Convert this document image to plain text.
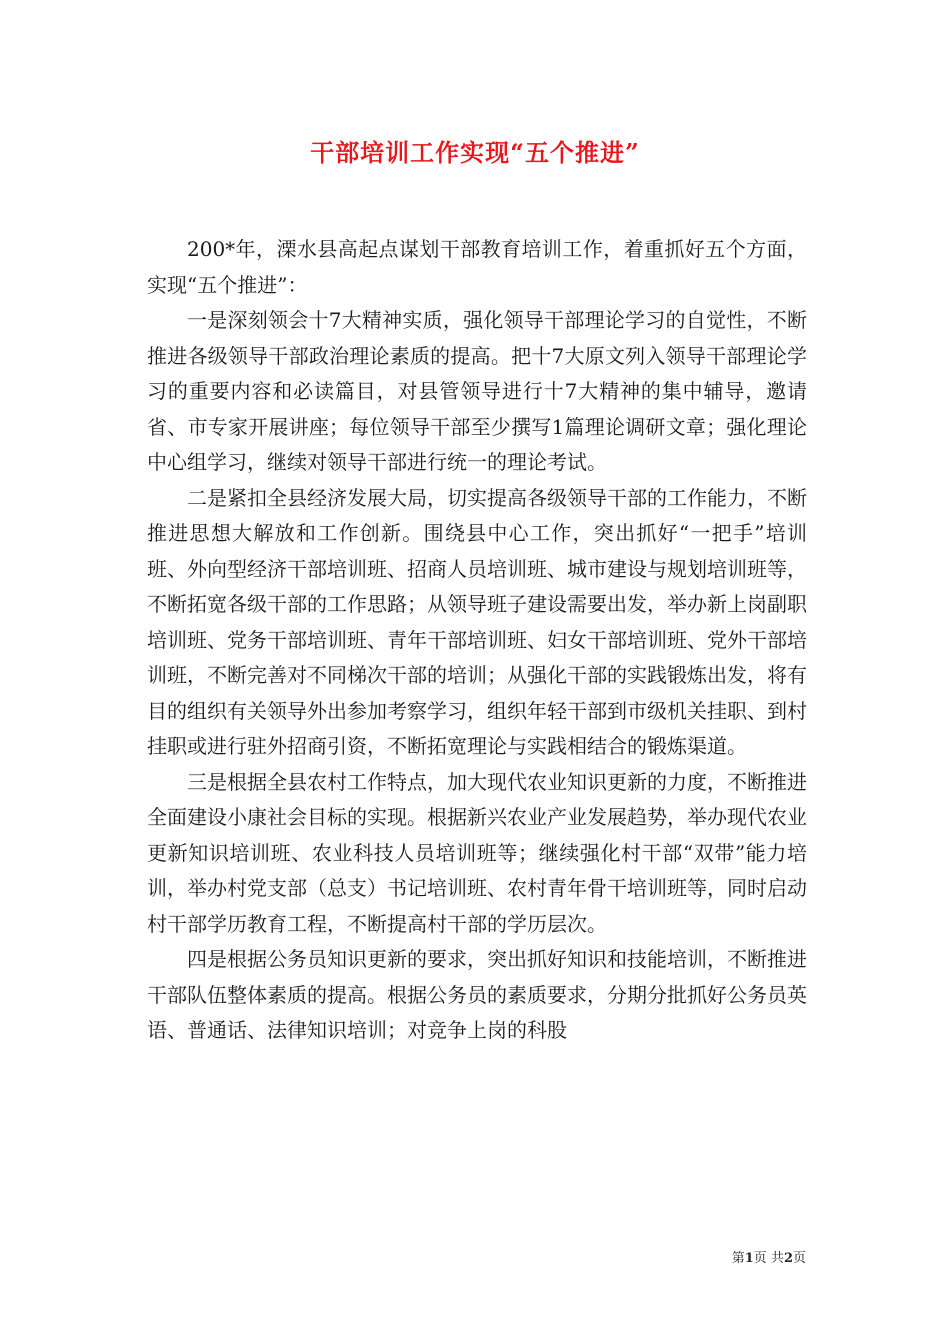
干部培训工作实现“五个推进”

200*年，溧水县高起点谋划干部教育培训工作，着重抓好五个方面，实现“五个推进”：

一是深刻领会十7大精神实质，强化领导干部理论学习的自觉性，不断推进各级领导干部政治理论素质的提高。把十7大原文列入领导干部理论学习的重要内容和必读篇目，对县管领导进行十7大精神的集中辅导，邀请省、市专家开展讲座；每位领导干部至少撰写1篇理论调研文章；强化理论中心组学习，继续对领导干部进行统一的理论考试。

二是紧扣全县经济发展大局，切实提高各级领导干部的工作能力，不断推进思想大解放和工作创新。围绕县中心工作，突出抓好“一把手”培训班、外向型经济干部培训班、招商人员培训班、城市建设与规划培训班等，不断拓宽各级干部的工作思路；从领导班子建设需要出发，举办新上岗副职培训班、党务干部培训班、青年干部培训班、妇女干部培训班、党外干部培训班，不断完善对不同梯次干部的培训；从强化干部的实践锻炼出发，将有目的组织有关领导外出参加考察学习，组织年轻干部到市级机关挂职、到村挂职或进行驻外招商引资，不断拓宽理论与实践相结合的锻炼渠道。

三是根据全县农村工作特点，加大现代农业知识更新的力度，不断推进全面建设小康社会目标的实现。根据新兴农业产业发展趋势，举办现代农业更新知识培训班、农业科技人员培训班等；继续强化村干部“双带”能力培训，举办村党支部（总支）书记培训班、农村青年骨干培训班等，同时启动村干部学历教育工程，不断提高村干部的学历层次。

四是根据公务员知识更新的要求，突出抓好知识和技能培训，不断推进干部队伍整体素质的提高。根据公务员的素质要求，分期分批抓好公务员英语、普通话、法律知识培训；对竞争上岗的科股

第1页 共2页
